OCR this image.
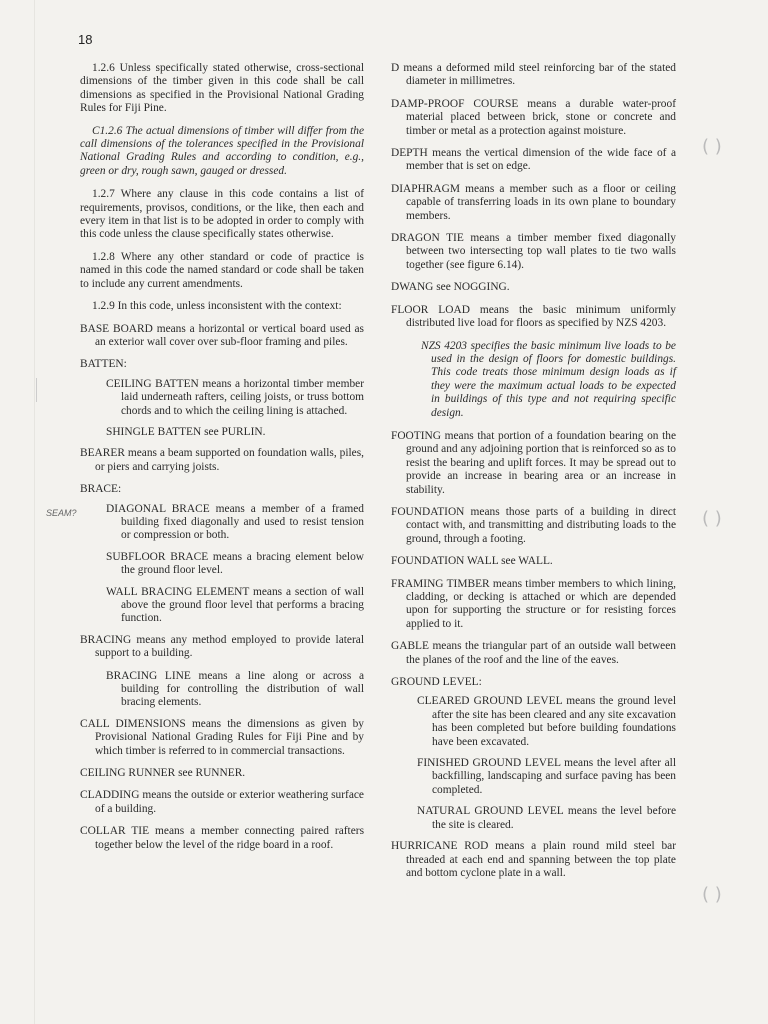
18

1.2.6 Unless specifically stated otherwise, cross-sectional dimensions of the timber given in this code shall be call dimensions as specified in the Provisional National Grading Rules for Fiji Pine.

C1.2.6 The actual dimensions of timber will differ from the call dimensions of the tolerances specified in the Provisional National Grading Rules and according to condition, e.g., green or dry, rough sawn, gauged or dressed.

1.2.7 Where any clause in this code contains a list of requirements, provisos, conditions, or the like, then each and every item in that list is to be adopted in order to comply with this code unless the clause specifically states otherwise.

1.2.8 Where any other standard or code of practice is named in this code the named standard or code shall be taken to include any current amendments.

1.2.9 In this code, unless inconsistent with the context:

BASE BOARD means a horizontal or vertical board used as an exterior wall cover over sub-floor framing and piles.

BATTEN:

CEILING BATTEN means a horizontal timber member laid underneath rafters, ceiling joists, or truss bottom chords and to which the ceiling lining is attached.

SHINGLE BATTEN see PURLIN.

BEARER means a beam supported on foundation walls, piles, or piers and carrying joists.

BRACE:

DIAGONAL BRACE means a member of a framed building fixed diagonally and used to resist tension or compression or both.

SUBFLOOR BRACE means a bracing element below the ground floor level.

WALL BRACING ELEMENT means a section of wall above the ground floor level that performs a bracing function.

BRACING means any method employed to provide lateral support to a building.

BRACING LINE means a line along or across a building for controlling the distribution of wall bracing elements.

CALL DIMENSIONS means the dimensions as given by Provisional National Grading Rules for Fiji Pine and by which timber is referred to in commercial transactions.

CEILING RUNNER see RUNNER.

CLADDING means the outside or exterior weathering surface of a building.

COLLAR TIE means a member connecting paired rafters together below the level of the ridge board in a roof.

D means a deformed mild steel reinforcing bar of the stated diameter in millimetres.

DAMP-PROOF COURSE means a durable water-proof material placed between brick, stone or concrete and timber or metal as a protection against moisture.

DEPTH means the vertical dimension of the wide face of a member that is set on edge.

DIAPHRAGM means a member such as a floor or ceiling capable of transferring loads in its own plane to boundary members.

DRAGON TIE means a timber member fixed diagonally between two intersecting top wall plates to tie two walls together (see figure 6.14).

DWANG see NOGGING.

FLOOR LOAD means the basic minimum uniformly distributed live load for floors as specified by NZS 4203.

NZS 4203 specifies the basic minimum live loads to be used in the design of floors for domestic buildings. This code treats those minimum design loads as if they were the maximum actual loads to be expected in buildings of this type and not requiring specific design.

FOOTING means that portion of a foundation bearing on the ground and any adjoining portion that is reinforced so as to resist the bearing and uplift forces. It may be spread out to provide an increase in bearing area or an increase in stability.

FOUNDATION means those parts of a building in direct contact with, and transmitting and distributing loads to the ground, through a footing.

FOUNDATION WALL see WALL.

FRAMING TIMBER means timber members to which lining, cladding, or decking is attached or which are depended upon for supporting the structure or for resisting forces applied to it.

GABLE means the triangular part of an outside wall between the planes of the roof and the line of the eaves.

GROUND LEVEL:

CLEARED GROUND LEVEL means the ground level after the site has been cleared and any site excavation has been completed but before building foundations have been excavated.

FINISHED GROUND LEVEL means the level after all backfilling, landscaping and surface paving has been completed.

NATURAL GROUND LEVEL means the level before the site is cleared.

HURRICANE ROD means a plain round mild steel bar threaded at each end and spanning between the top plate and bottom cyclone plate in a wall.

SEAM?
( )
( )
( )
